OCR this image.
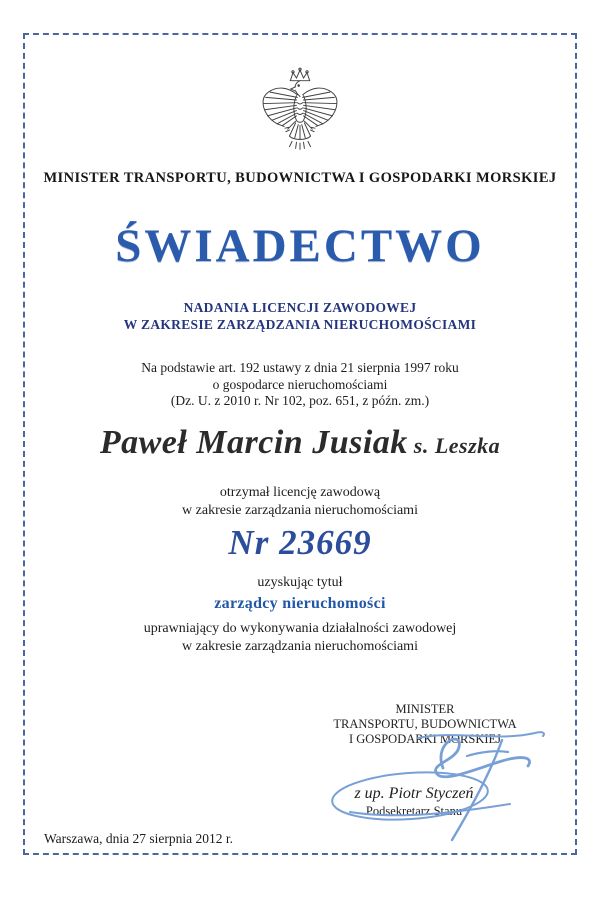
MINISTER TRANSPORTU, BUDOWNICTWA I GOSPODARKI MORSKIEJ
ŚWIADECTWO
NADANIA LICENCJI ZAWODOWEJ
W ZAKRESIE ZARZĄDZANIA NIERUCHOMOŚCIAMI
Na podstawie art. 192 ustawy z dnia 21 sierpnia 1997 roku
o gospodarce nieruchomościami
(Dz. U. z 2010 r. Nr 102, poz. 651, z późn. zm.)
Paweł Marcin Jusiak s. Leszka
otrzymał licencję zawodową
w zakresie zarządzania nieruchomościami
Nr 23669
uzyskując tytuł
zarządcy nieruchomości
uprawniający do wykonywania działalności zawodowej
w zakresie zarządzania nieruchomościami
MINISTER
TRANSPORTU, BUDOWNICTWA
I GOSPODARKI MORSKIEJ
z up. Piotr Styczeń
Podsekretarz Stanu
Warszawa, dnia 27 sierpnia 2012 r.
